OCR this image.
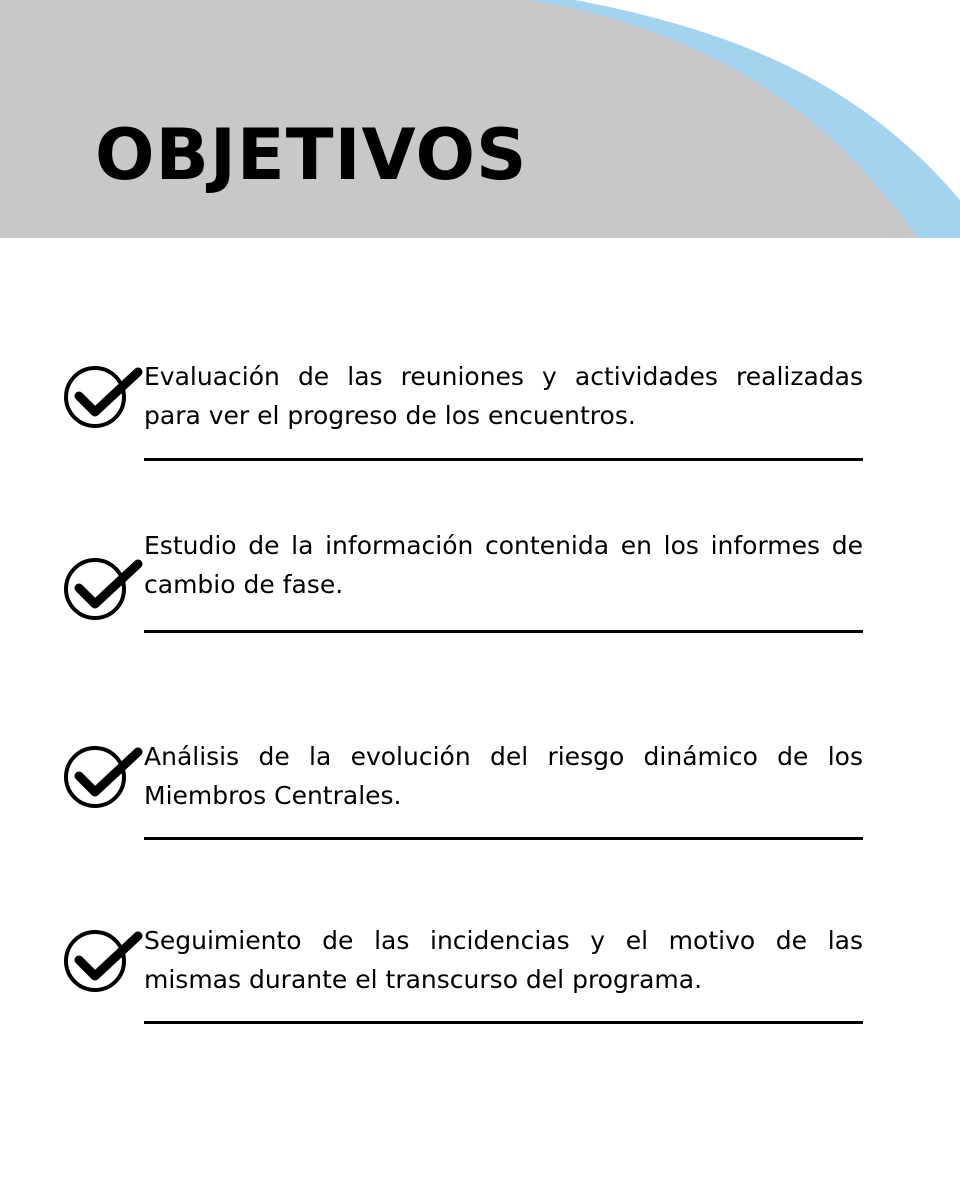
OBJETIVOS

Evaluación de las reuniones y actividades realizadas para ver el progreso de los encuentros.

Estudio de la información contenida en los informes de cambio de fase.

Análisis de la evolución del riesgo dinámico de los Miembros Centrales.

Seguimiento de las incidencias y el motivo de las mismas durante el transcurso del programa.
